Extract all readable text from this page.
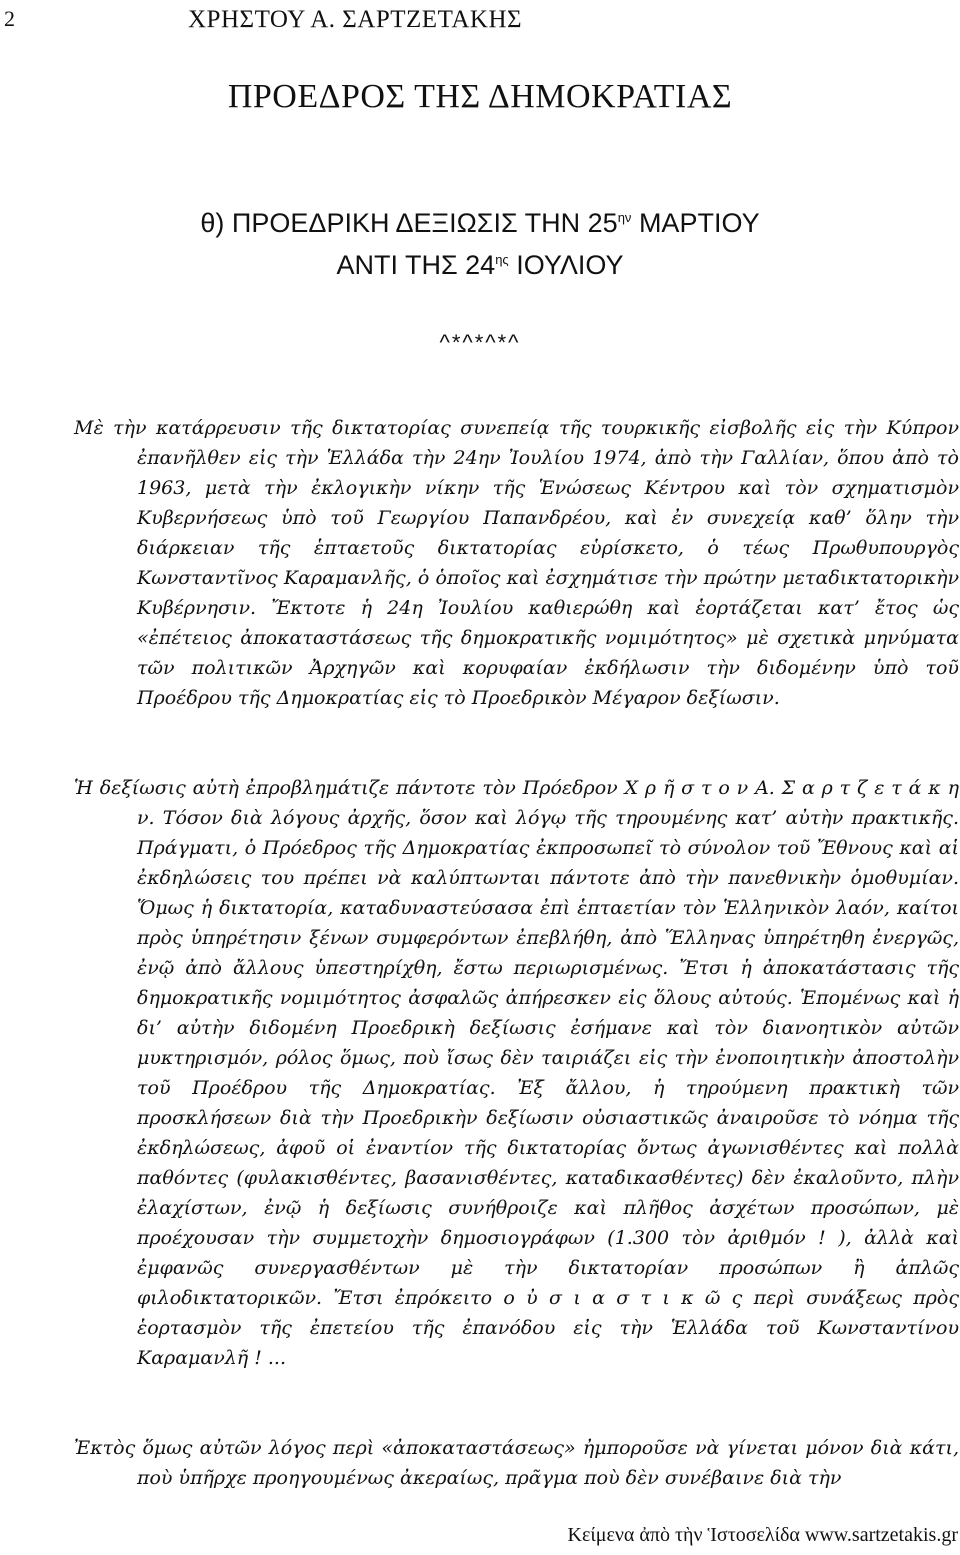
2	ΧΡΗΣΤΟΥ Α. ΣΑΡΤΖΕΤΑΚΗΣ
ΠΡΟΕΔΡΟΣ ΤΗΣ ΔΗΜΟΚΡΑΤΙΑΣ
θ) ΠΡΟΕΔΡΙΚΗ ΔΕΞΙΩΣΙΣ ΤΗΝ $25^{\eta\nu}$ ΜΑΡΤΙΟΥ
ΑΝΤΙ ΤΗΣ $24^{\eta\varsigma}$ ΙΟΥΛΙΟΥ
^*^*^*^
Μὲ τὴν κατάρρευσιν τῆς δικτατορίας συνεπείᾳ τῆς τουρκικῆς εἰσβολῆς εἰς τὴν Κύπρον ἐπανῆλθεν εἰς τὴν Ἑλλάδα τὴν 24ην Ἰουλίου 1974, ἀπὸ τὴν Γαλλίαν, ὅπου ἀπὸ τὸ 1963, μετὰ τὴν ἐκλογικὴν νίκην τῆς Ἑνώσεως Κέντρου καὶ τὸν σχηματισμὸν Κυβερνήσεως ὑπὸ τοῦ Γεωργίου Παπανδρέου, καὶ ἐν συνεχείᾳ καθ’ ὅλην τὴν διάρκειαν τῆς ἑπταετοῦς δικτατορίας εὑρίσκετο, ὁ τέως Πρωθυπουργὸς Κωνσταντῖνος Καραμανλῆς, ὁ ὁποῖος καὶ ἐσχημάτισε τὴν πρώτην μεταδικτατορικὴν Κυβέρνησιν. Ἔκτοτε ἡ 24η Ἰουλίου καθιερώθη καὶ ἑορτάζεται κατ’ ἔτος ὡς «ἐπέτειος ἀποκαταστάσεως τῆς δημοκρατικῆς νομιμότητος» μὲ σχετικὰ μηνύματα τῶν πολιτικῶν Ἀρχηγῶν καὶ κορυφαίαν ἐκδήλωσιν τὴν διδομένην ὑπὸ τοῦ Προέδρου τῆς Δημοκρατίας εἰς τὸ Προεδρικὸν Μέγαρον δεξίωσιν.
Ἡ δεξίωσις αὐτὴ ἐπροβλημάτιζε πάντοτε τὸν Πρόεδρον Χ ρ ῆ σ τ ο ν Α. Σ α ρ τ ζ ε τ ά κ η ν. Τόσον διὰ λόγους ἀρχῆς, ὅσον καὶ λόγῳ τῆς τηρουμένης κατ’ αὐτὴν πρακτικῆς. Πράγματι, ὁ Πρόεδρος τῆς Δημοκρατίας ἐκπροσωπεῖ τὸ σύνολον τοῦ Ἔθνους καὶ αἱ ἐκδηλώσεις του πρέπει νὰ καλύπτωνται πάντοτε ἀπὸ τὴν πανεθνικὴν ὁμοθυμίαν. Ὅμως ἡ δικτατορία, καταδυναστεύσασα ἐπὶ ἑπταετίαν τὸν Ἑλληνικὸν λαόν, καίτοι πρὸς ὑπηρέτησιν ξένων συμφερόντων ἐπεβλήθη, ἀπὸ Ἕλληνας ὑπηρέτηθη ἐνεργῶς, ἐνῷ ἀπὸ ἄλλους ὑπεστηρίχθη, ἔστω περιωρισμένως. Ἔτσι ἡ ἀποκατάστασις τῆς δημοκρατικῆς νομιμότητος ἀσφαλῶς ἀπήρεσκεν εἰς ὅλους αὐτούς. Ἑπομένως καὶ ἡ δι’ αὐτὴν διδομένη Προεδρικὴ δεξίωσις ἐσήμανε καὶ τὸν διανοητικὸν αὐτῶν μυκτηρισμόν, ρόλος ὅμως, ποὺ ἴσως δὲν ταιριάζει εἰς τὴν ἐνοποιητικὴν ἀποστολὴν τοῦ Προέδρου τῆς Δημοκρατίας. Ἐξ ἄλλου, ἡ τηρούμενη πρακτικὴ τῶν προσκλήσεων διὰ τὴν Προεδρικὴν δεξίωσιν οὐσιαστικῶς ἀναιροῦσε τὸ νόημα τῆς ἐκδηλώσεως, ἀφοῦ οἱ ἐναντίον τῆς δικτατορίας ὄντως ἀγωνισθέντες καὶ πολλὰ παθόντες (φυλακισθέντες, βασανισθέντες, καταδικασθέντες) δὲν ἐκαλοῦντο, πλὴν ἐλαχίστων, ἐνῷ ἡ δεξίωσις συνήθροιζε καὶ πλῆθος ἀσχέτων προσώπων, μὲ προέχουσαν τὴν συμμετοχὴν δημοσιογράφων (1.300 τὸν ἀριθμόν ! ), ἀλλὰ καὶ ἐμφανῶς συνεργασθέντων μὲ τὴν δικτατορίαν προσώπων ἢ ἁπλῶς φιλοδικτατορικῶν. Ἔτσι ἐπρόκειτο ο ὐ σ ι α σ τ ι κ ῶ ς περὶ συνάξεως πρὸς ἑορτασμὸν τῆς ἐπετείου τῆς ἐπανόδου εἰς τὴν Ἑλλάδα τοῦ Κωνσταντίνου Καραμανλῆ ! ...
Ἐκτὸς ὅμως αὐτῶν λόγος περὶ «ἀποκαταστάσεως» ἠμποροῦσε νὰ γίνεται μόνον διὰ κάτι, ποὺ ὑπῆρχε προηγουμένως ἀκεραίως, πρᾶγμα ποὺ δὲν συνέβαινε διὰ τὴν
Κείμενα ἀπὸ τὴν Ἱστοσελίδα www.sartzetakis.gr
